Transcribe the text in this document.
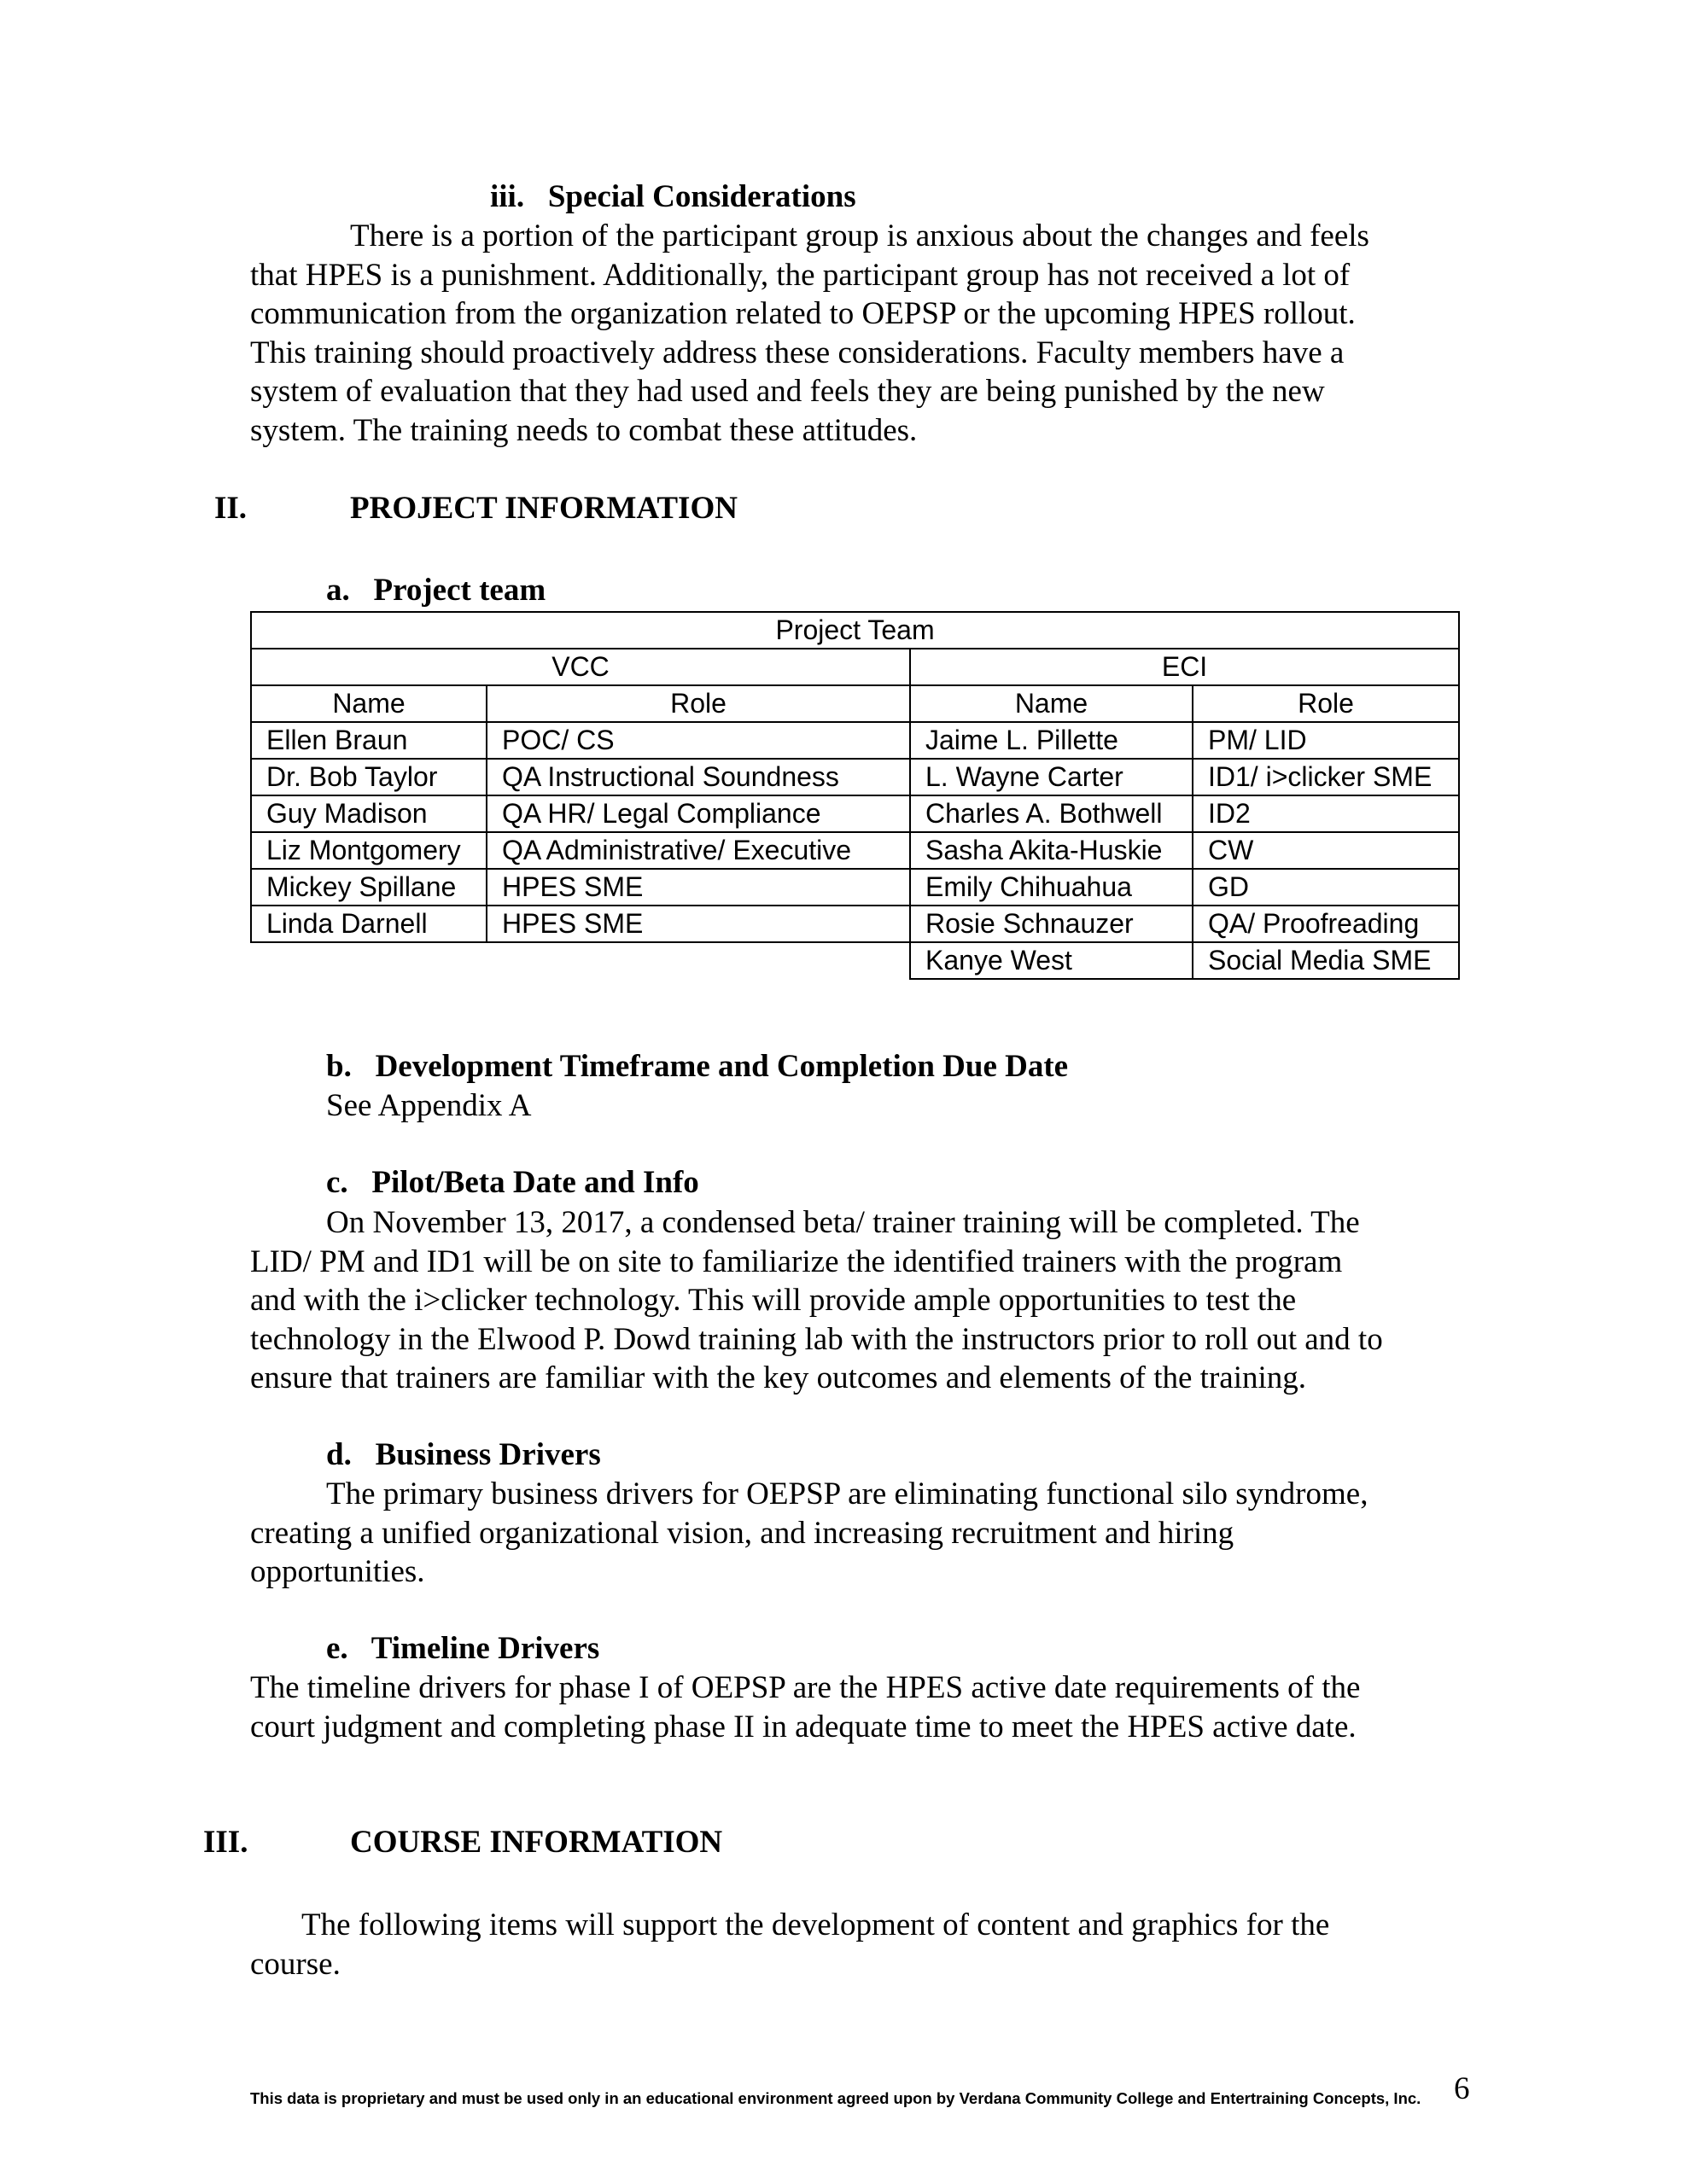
iii.   Special Considerations
There is a portion of the participant group is anxious about the changes and feels
that HPES is a punishment. Additionally, the participant group has not received a lot of
communication from the organization related to OEPSP or the upcoming HPES rollout.
This training should proactively address these considerations. Faculty members have a
system of evaluation that they had used and feels they are being punished by the new
system. The training needs to combat these attitudes.
II.	PROJECT INFORMATION
a.   Project team
Project Team			
VCC		ECI	
Name	Role	Name	Role
Ellen Braun	POC/ CS	Jaime L. Pillette	PM/ LID
Dr. Bob Taylor	QA Instructional Soundness	L. Wayne Carter	ID1/ i>clicker SME
Guy Madison	QA HR/ Legal Compliance	Charles A. Bothwell	ID2
Liz Montgomery	QA Administrative/ Executive	Sasha Akita-Huskie	CW
Mickey Spillane	HPES SME	Emily Chihuahua	GD
Linda Darnell	HPES SME	Rosie Schnauzer	QA/ Proofreading
		Kanye West	Social Media SME
b.   Development Timeframe and Completion Due Date
See Appendix A
c.   Pilot/Beta Date and Info
On November 13, 2017, a condensed beta/ trainer training will be completed. The
LID/ PM and ID1 will be on site to familiarize the identified trainers with the program
and with the i>clicker technology. This will provide ample opportunities to test the
technology in the Elwood P. Dowd training lab with the instructors prior to roll out and to
ensure that trainers are familiar with the key outcomes and elements of the training.
d.   Business Drivers
The primary business drivers for OEPSP are eliminating functional silo syndrome,
creating a unified organizational vision, and increasing recruitment and hiring
opportunities.
e.   Timeline Drivers
The timeline drivers for phase I of OEPSP are the HPES active date requirements of the
court judgment and completing phase II in adequate time to meet the HPES active date.
III.	COURSE INFORMATION
The following items will support the development of content and graphics for the
course.
This data is proprietary and must be used only in an educational environment agreed upon by Verdana Community College and Entertraining Concepts, Inc. 6
